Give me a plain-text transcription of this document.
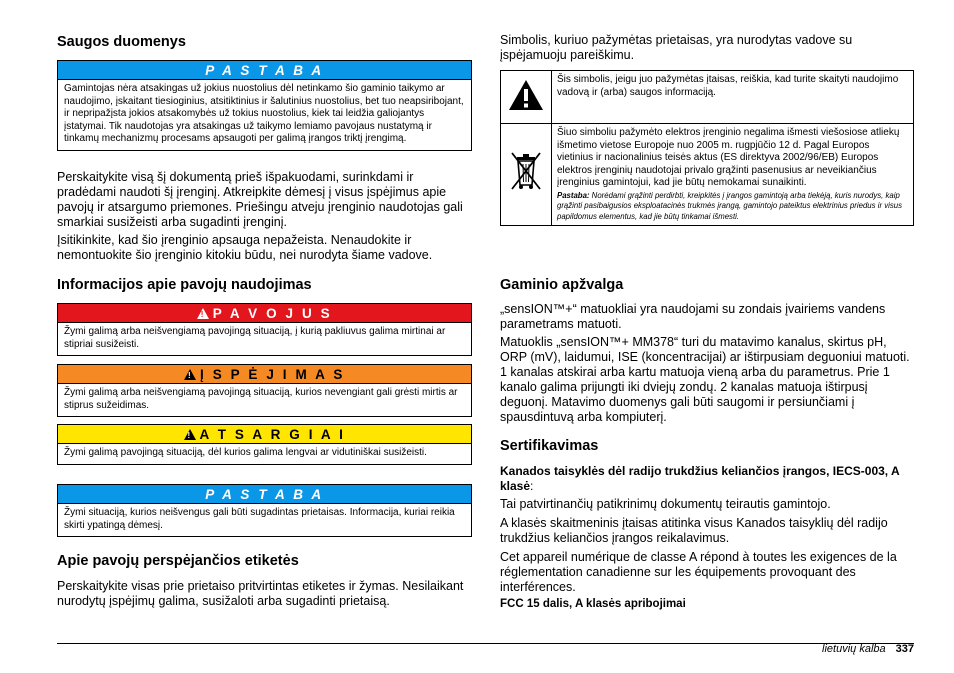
Saugos duomenys
P A S T A B A
Gamintojas nėra atsakingas už jokius nuostolius dėl netinkamo šio gaminio taikymo ar naudojimo, įskaitant tiesioginius, atsitiktinius ir šalutinius nuostolius, bet tuo neapsiribojant, ir nepripažįsta jokios atsakomybės už tokius nuostolius, kiek tai leidžia galiojantys įstatymai. Tik naudotojas yra atsakingas už taikymo lemiamo pavojaus nustatymą ir tinkamų mechanizmų procesams apsaugoti per galimą įrangos triktį įrengimą.

Perskaitykite visą šį dokumentą prieš išpakuodami, surinkdami ir pradėdami naudoti šį įrenginį. Atkreipkite dėmesį į visus įspėjimus apie pavojų ir atsargumo priemones. Priešingu atveju įrenginio naudotojas gali smarkiai susižeisti arba sugadinti įrenginį.

Įsitikinkite, kad šio įrenginio apsauga nepažeista. Nenaudokite ir nemontuokite šio įrenginio kitokiu būdu, nei nurodyta šiame vadove.

Informacijos apie pavojų naudojimas
!
P A V O J U S
Žymi galimą arba neišvengiamą pavojingą situaciją, į kurią pakliuvus galima mirtinai ar stipriai susižeisti.
!
Į S P Ė J I M A S
Žymi galimą arba neišvengiamą pavojingą situaciją, kurios nevengiant gali grėsti mirtis ar stiprus sužeidimas.
!
A T S A R G I A I
Žymi galimą pavojingą situaciją, dėl kurios galima lengvai ar vidutiniškai susižeisti.
P A S T A B A
Žymi situaciją, kurios neišvengus gali būti sugadintas prietaisas. Informacija, kuriai reikia skirti ypatingą dėmesį.
Apie pavojų perspėjančios etiketės

Perskaitykite visas prie prietaiso pritvirtintas etiketes ir žymas. Nesilaikant nurodytų įspėjimų galima, susižaloti arba sugadinti prietaisą.

Simbolis, kuriuo pažymėtas prietaisas, yra nurodytas vadove su įspėjamuoju pareiškimu.

	Šis simbolis, jeigu juo pažymėtas įtaisas, reiškia, kad turite skaityti naudojimo vadovą ir (arba) saugos informaciją.

Šiuo simboliu pažymėto elektros įrenginio negalima išmesti viešosiose atliekų išmetimo vietose Europoje nuo 2005 m. rugpjūčio 12 d. Pagal Europos vietinius ir nacionalinius teisės aktus (ES direktyva 2002/96/EB) Europos elektros įrenginių naudotojai privalo grąžinti pasenusius ar neveikiančius įrenginius gamintojui, kad jie būtų nemokamai sunaikinti.
Pastaba: Norėdami grąžinti perdirbti, kreipkitės į įrangos gamintoją arba tiekėją, kuris nurodys, kaip grąžinti pasibaigusios eksploatacinės trukmės įrangą, gamintojo pateiktus elektrinius priedus ir visus papildomus elementus, kad jie būtų tinkamai išmesti.
Gaminio apžvalga

„sensION™+“ matuokliai yra naudojami su zondais įvairiems vandens parametrams matuoti.

Matuoklis „sensION™+ MM378“ turi du matavimo kanalus, skirtus pH, ORP (mV), laidumui, ISE (koncentracijai) ar ištirpusiam deguoniui matuoti. 1 kanalas atskirai arba kartu matuoja vieną arba du parametrus. Prie 1 kanalo galima prijungti iki dviejų zondų. 2 kanalas matuoja ištirpusį deguonį. Matavimo duomenys gali būti saugomi ir persiunčiami į spausdintuvą arba kompiuterį.

Sertifikavimas

Kanados taisyklės dėl radijo trukdžius keliančios įrangos, IECS-003, A klasė:

Tai patvirtinančių patikrinimų dokumentų teirautis gamintojo.

A klasės skaitmeninis įtaisas atitinka visus Kanados taisyklių dėl radijo trukdžius keliančios įrangos reikalavimus.

Cet appareil numérique de classe A répond à toutes les exigences de la réglementation canadienne sur les équipements provoquant des interférences.

FCC 15 dalis, A klasės apribojimai

lietuvių kalba 337
